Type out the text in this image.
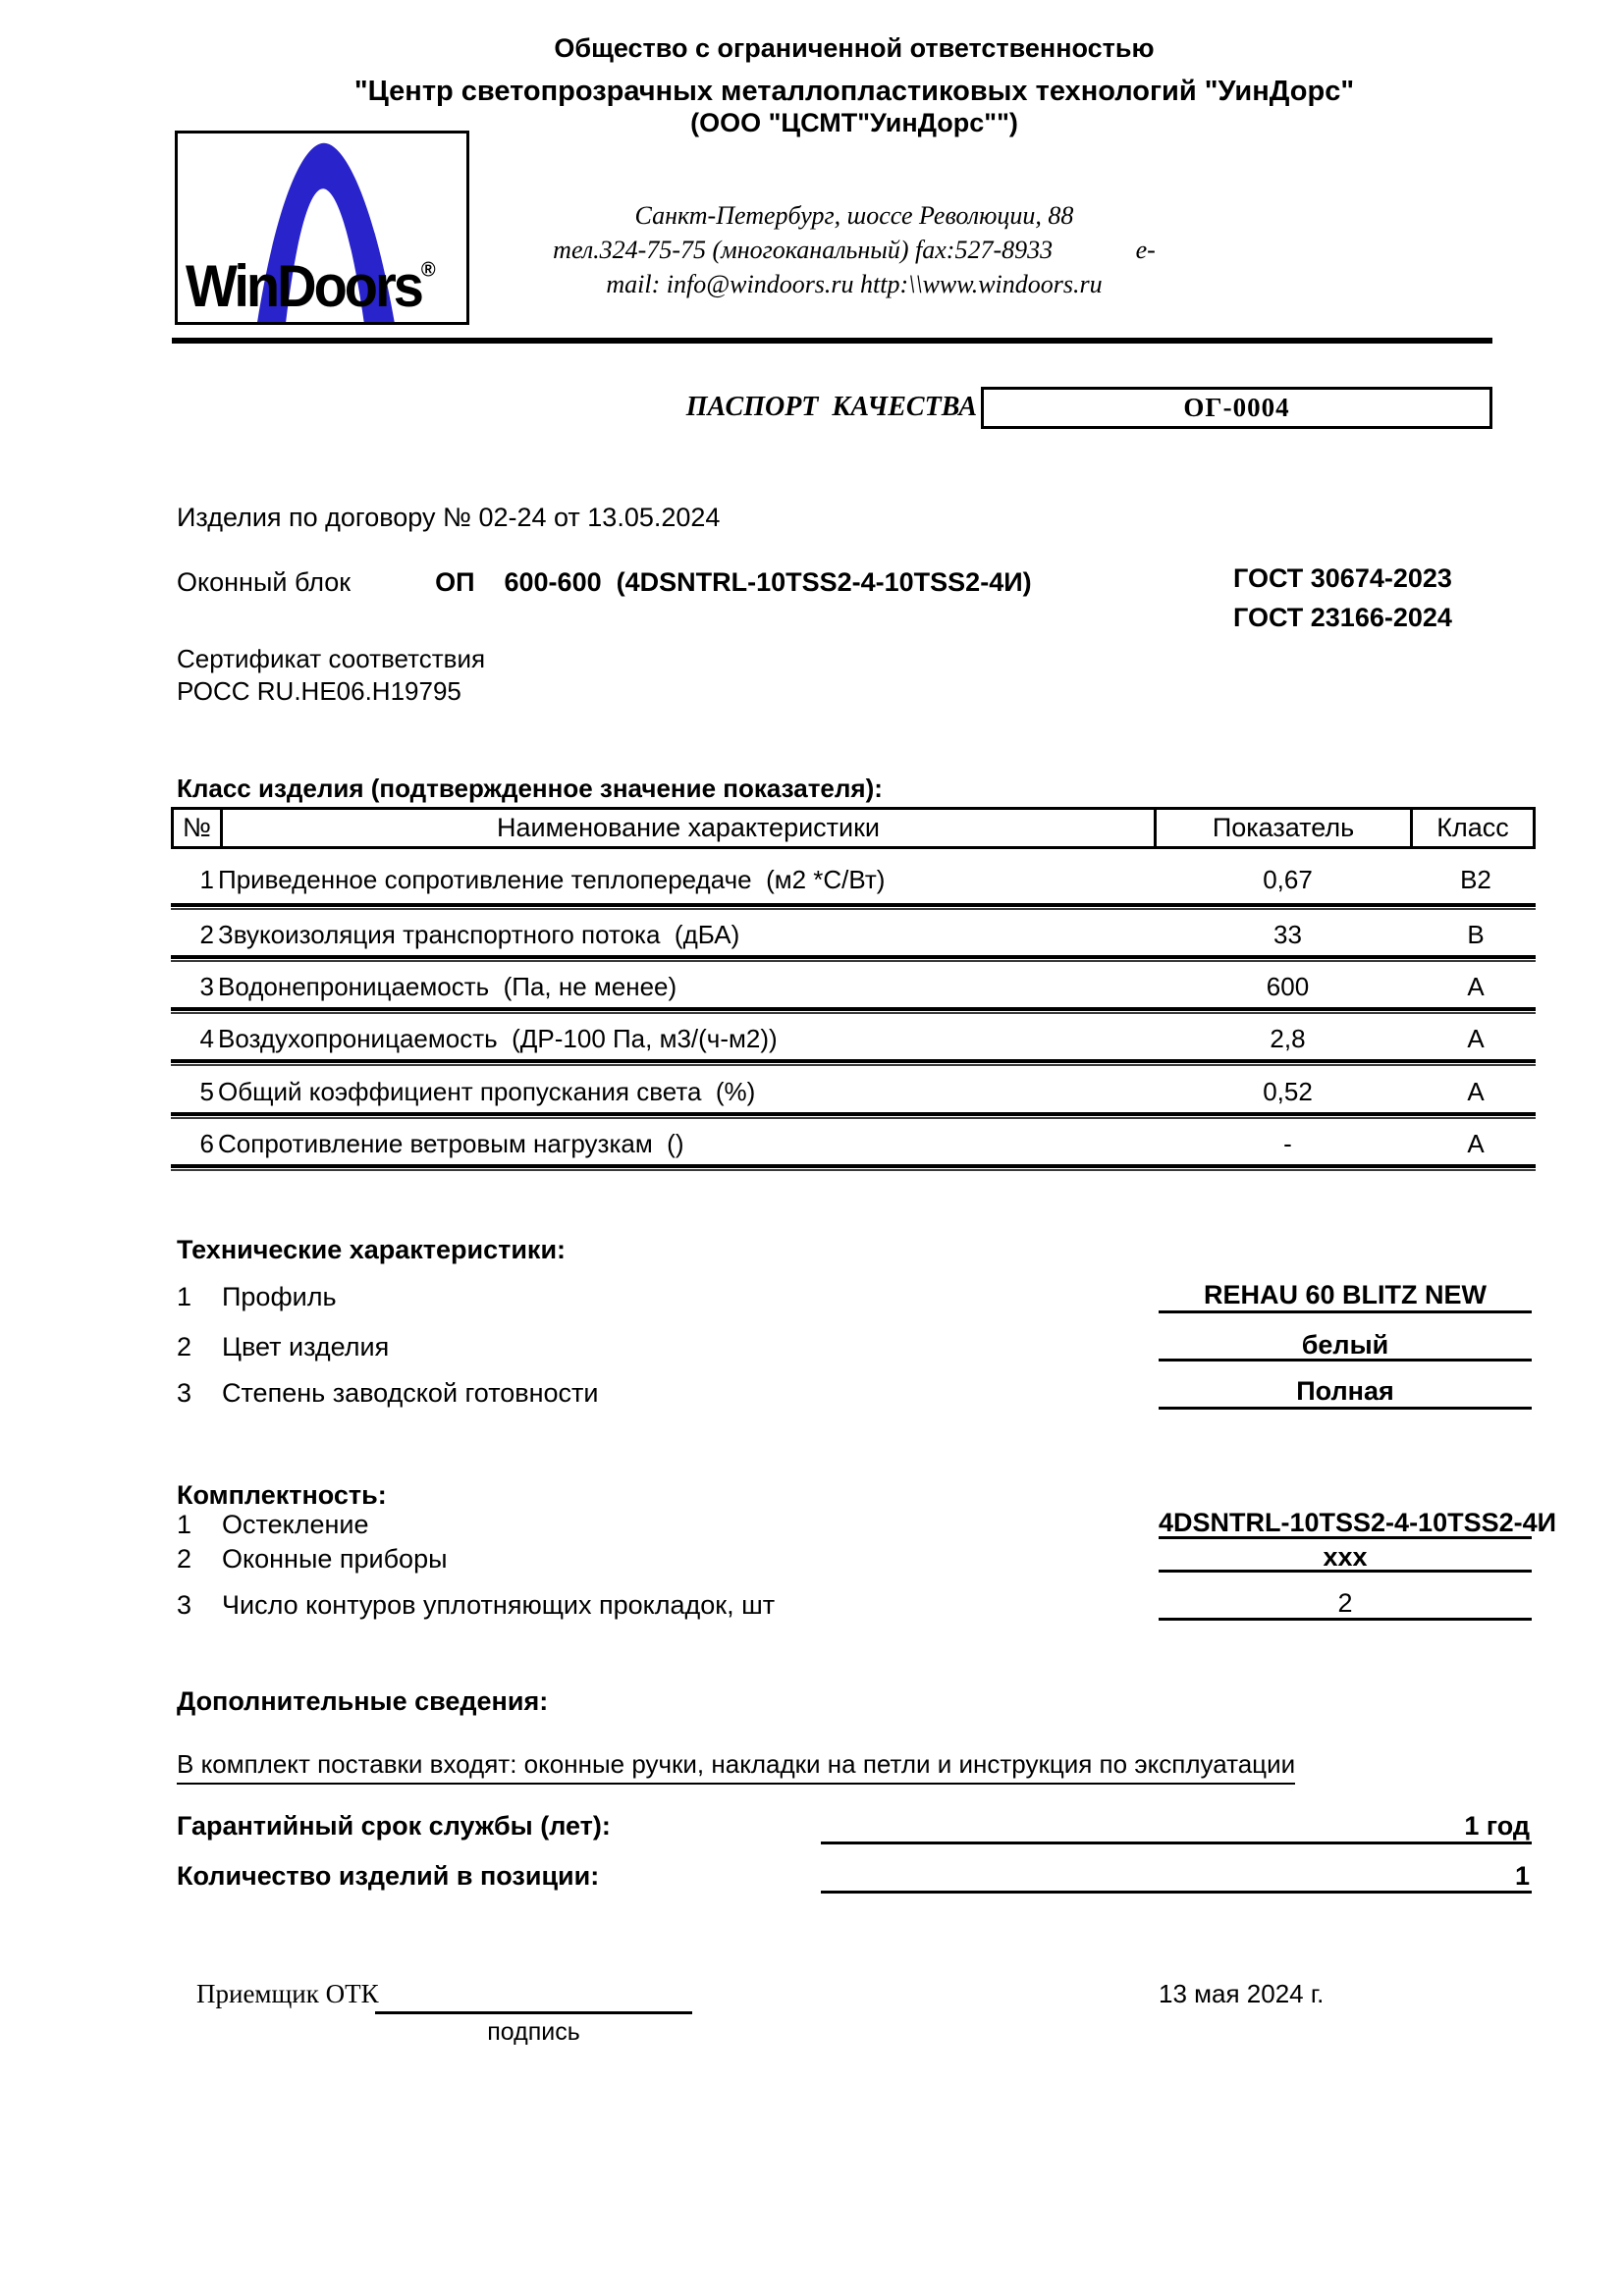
Общество с ограниченной ответственностью
"Центр светопрозрачных металлопластиковых технологий "УинДорс"
(ООО "ЦСМТ"УинДорс"")
WinDoors®
Санкт-Петербург, шоссе Революции, 88
тел.324-75-75 (многоканальный) fax:527-8933             e-
mail: info@windoors.ru http:\\www.windoors.ru
ПАСПОРТ  КАЧЕСТВА	ОГ-0004
Изделия по договору № 02-24 от 13.05.2024
Оконный блок	ОП    600-600  (4DSNTRL-10TSS2-4-10TSS2-4И)	ГОСТ 30674-2023
ГОСТ 23166-2024
Сертификат соответствия
РОСС RU.HE06.H19795
Класс изделия (подтвержденное значение показателя):
№	Наименование характеристики	Показатель	Класс
1 Приведенное сопротивление теплопередаче  (м2 *С/Вт)	0,67	В2
2 Звукоизоляция транспортного потока  (дБА)	33	В
3 Водонепроницаемость  (Па, не менее)	600	А
4 Воздухопроницаемость  (ДР-100 Па, м3/(ч-м2))	2,8	А
5 Общий коэффициент пропускания света  (%)	0,52	А
6 Сопротивление ветровым нагрузкам  ()	-	А
Технические характеристики:
1 Профиль	REHAU 60 BLITZ NEW
2 Цвет изделия	белый
3 Степень заводской готовности	Полная
Комплектность:
1 Остекление	4DSNTRL-10TSS2-4-10TSS2-4И
2 Оконные приборы	xxx
3 Число контуров уплотняющих прокладок, шт	2
Дополнительные сведения:
В комплект поставки входят: оконные ручки, накладки на петли и инструкция по эксплуатации
Гарантийный срок службы (лет):	1 год
Количество изделий в позиции:	1
Приемщик ОТК
подпись
13 мая 2024 г.
